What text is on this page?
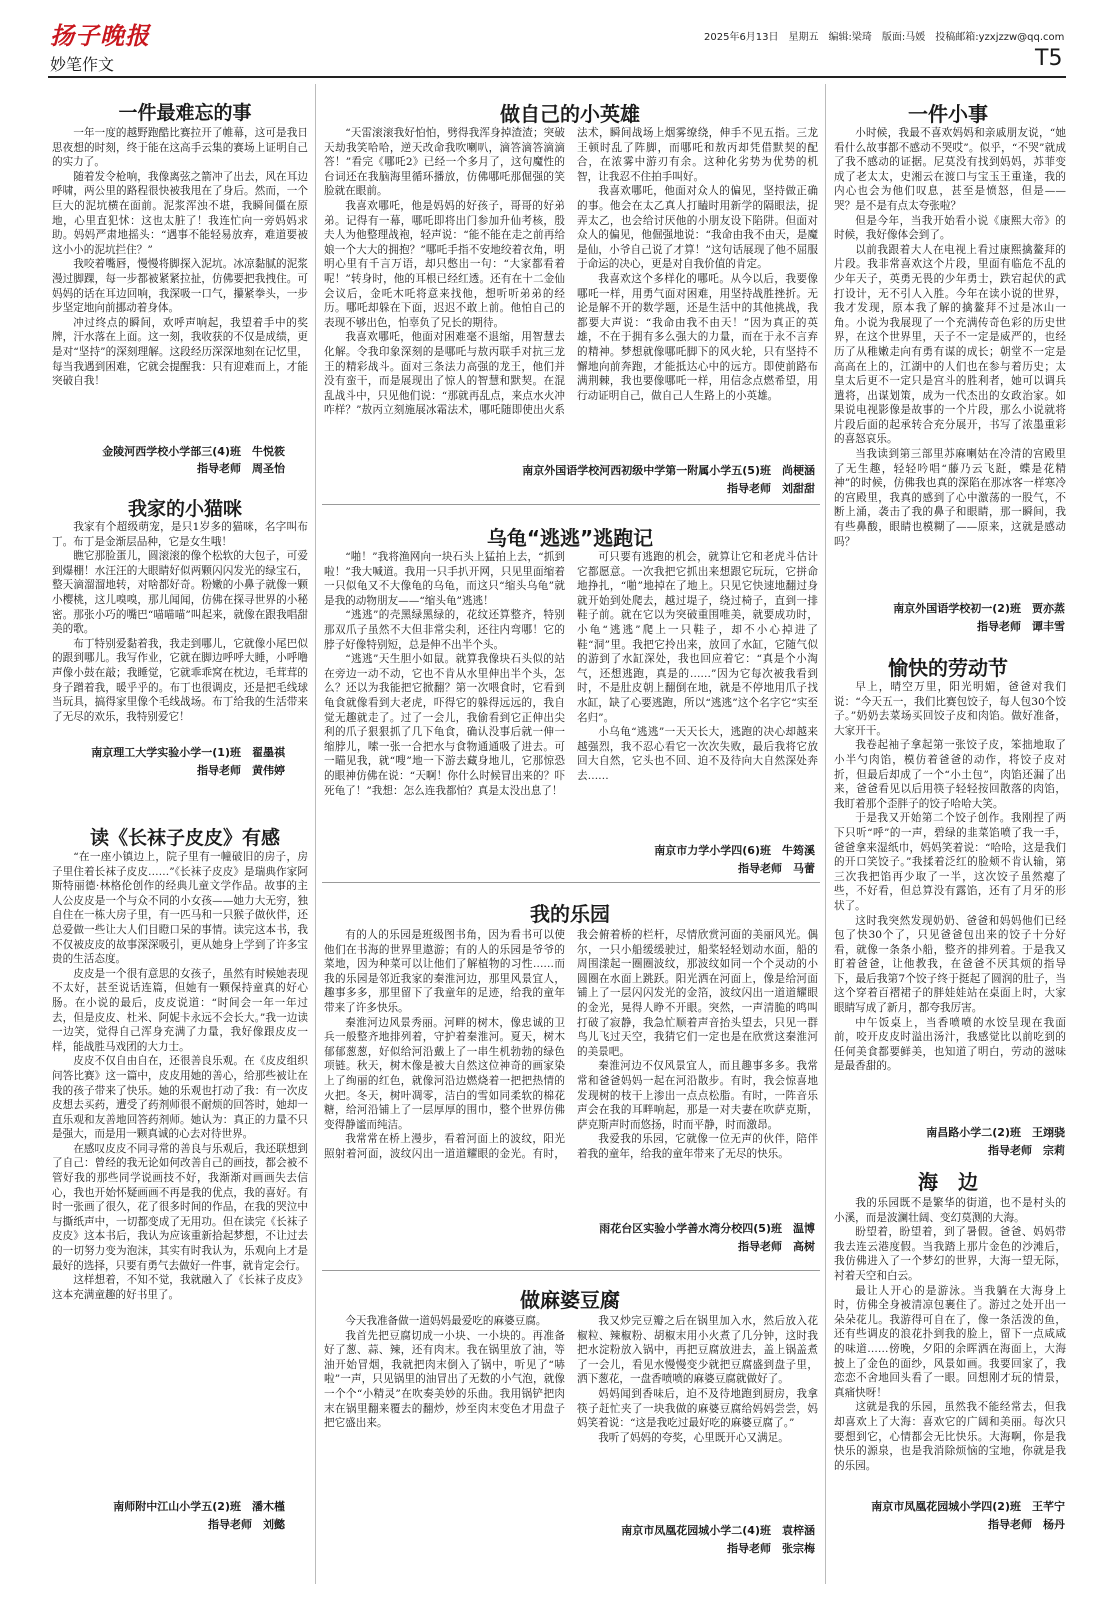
扬子晚报	2025年6月13日　星期五　编辑:梁琦　版面:马媛　投稿邮箱:yzxjzzw@qq.com
妙笔作文	T5
一件最难忘的事

一年一度的越野跑酷比赛拉开了帷幕，这可是我日思夜想的时刻，终于能在这高手云集的赛场上证明自己的实力了。

随着发令枪响，我像离弦之箭冲了出去，风在耳边呼啸，两公里的路程很快被我甩在了身后。然而，一个巨大的泥坑横在面前。泥浆浑浊不堪，我瞬间僵在原地，心里直犯怵：这也太脏了！我连忙向一旁妈妈求助。妈妈严肃地摇头：“遇事不能轻易放弃，难道要被这小小的泥坑拦住？”

我咬着嘴唇，慢慢将脚探入泥坑。冰凉黏腻的泥浆漫过脚踝，每一步都被紧紧拉扯，仿佛要把我拽住。可妈妈的话在耳边回响，我深吸一口气，攥紧拳头，一步步坚定地向前挪动着身体。

冲过终点的瞬间，欢呼声响起，我望着手中的奖牌，汗水落在上面。这一刻，我收获的不仅是成绩，更是对“坚持”的深刻理解。这段经历深深地刻在记忆里，每当我遇到困难，它就会提醒我：只有迎难而上，才能突破自我！

金陵河西学校小学部三(4)班　牛悦筱
指导老师　周圣怡
我家的小猫咪

我家有个超级萌宠，是只1岁多的猫咪，名字叫布丁。布丁是金渐层品种，它是女生哦！

瞧它那脸蛋儿，圆滚滚的像个松软的大包子，可爱到爆棚！水汪汪的大眼睛好似两颗闪闪发光的绿宝石，整天滴溜溜地转，对啥都好奇。粉嫩的小鼻子就像一颗小樱桃，这儿嗅嗅，那儿闻闻，仿佛在探寻世界的小秘密。那张小巧的嘴巴“喵喵喵”叫起来，就像在跟我唱甜美的歌。

布丁特别爱黏着我，我走到哪儿，它就像小尾巴似的跟到哪儿。我写作业，它就在脚边呼呼大睡，小呼噜声像小鼓在敲；我睡觉，它就乖乖窝在枕边，毛茸茸的身子蹭着我，暖乎乎的。布丁也很调皮，还是把毛线球当玩具，搞得家里像个毛线战场。布丁给我的生活带来了无尽的欢乐，我特别爱它！

南京理工大学实验小学一(1)班　翟墨祺
指导老师　黄伟婷
读《长袜子皮皮》有感

“在一座小镇边上，院子里有一幢破旧的房子，房子里住着长袜子皮皮……”《长袜子皮皮》是瑞典作家阿斯特丽德·林格伦创作的经典儿童文学作品。故事的主人公皮皮是一个与众不同的小女孩——她力大无穷，独自住在一栋大房子里，有一匹马和一只猴子做伙伴，还总爱做一些让大人们目瞪口呆的事情。读完这本书，我不仅被皮皮的故事深深吸引，更从她身上学到了许多宝贵的生活态度。

皮皮是一个很有意思的女孩子，虽然有时候她表现不太好，甚至说话连篇，但她有一颗保持童真的好心肠。在小说的最后，皮皮说道：“时间会一年一年过去，但是皮皮、杜米、阿妮卡永远不会长大。”我一边读一边笑，觉得自己浑身充满了力量，我好像跟皮皮一样，能战胜马戏团的大力士。

皮皮不仅自由自在，还很善良乐观。在《皮皮组织问答比赛》这一篇中，皮皮用她的善心，给那些被让在我的孩子带来了快乐。她的乐观也打动了我：有一次皮皮想去买药，遭受了药剂师很不耐烦的回答时，她却一直乐观和友善地回答药剂师。她认为：真正的力量不只是强大，而是用一颗真诚的心去对待世界。

在感叹皮皮不同寻常的善良与乐观后，我还联想到了自己：曾经的我无论如何改善自己的画技，都会被不管好我的那些同学说画技不好，我渐渐对画画失去信心，我也开始怀疑画画不再是我的优点，我的喜好。有时一张画了很久，花了很多时间的作品，在我的哭泣中与撕纸声中，一切都变成了无用功。但在读完《长袜子皮皮》这本书后，我认为应该重新拾起梦想，不让过去的一切努力变为泡沫，其实有时我认为，乐观向上才是最好的选择，只要有勇气去做好一件事，就肯定会行。

这样想着，不知不觉，我就融入了《长袜子皮皮》这本充满童趣的好书里了。

南师附中江山小学五(2)班　潘木槿
指导老师　刘懿
做自己的小英雄

“天雷滚滚我好怕怕，劈得我浑身掉渣渣；突破天劫我笑哈哈，逆天改命我吹喇叭，滴答滴答滴滴答！”看完《哪吒2》已经一个多月了，这句魔性的台词还在我脑海里循环播放，仿佛哪吒那倔强的笑脸就在眼前。

我喜欢哪吒，他是妈妈的好孩子，哥哥的好弟弟。记得有一幕，哪吒即将出门参加升仙考核，殷夫人为他整理战袍，轻声说：“能不能在走之前再给娘一个大大的拥抱？”哪吒手指不安地绞着衣角，明明心里有千言万语，却只憋出一句：“大家都看着呢！”转身时，他的耳根已经红透。还有在十二金仙会议后，金吒木吒将意来找他，想听听弟弟的经历。哪吒却躲在下面，迟迟不敢上前。他怕自己的表现不够出色，怕辜负了兄长的期待。

我喜欢哪吒，他面对困难毫不退缩，用智慧去化解。令我印象深刻的是哪吒与敖丙联手对抗三龙王的精彩战斗。面对三条法力高强的龙王，他们并没有蛮干，而是展现出了惊人的智慧和默契。在混乱战斗中，只见他们说：“那就再乱点，来点水火冲咋样？”敖丙立刻施展冰霜法术，哪吒随即使出火系法术，瞬间战场上烟雾缭绕，伸手不见五指。三龙王顿时乱了阵脚，而哪吒和敖丙却凭借默契的配合，在浓雾中游刃有余。这种化劣势为优势的机智，让我忍不住拍手叫好。

我喜欢哪吒，他面对众人的偏见，坚持做正确的事。他会在太乙真人打瞌时用新学的隔眼法，捉弄太乙，也会给讨厌他的小朋友设下陷阱。但面对众人的偏见，他倔强地说：“我命由我不由天，是魔是仙，小爷自己说了才算！”这句话展现了他不屈服于命运的决心，更是对自我价值的肯定。

我喜欢这个多样化的哪吒。从今以后，我要像哪吒一样，用勇气面对困难，用坚持战胜挫折。无论是解不开的数学题，还是生活中的其他挑战，我都要大声说：“我命由我不由天！”因为真正的英雄，不在于拥有多么强大的力量，而在于永不言弃的精神。梦想就像哪吒脚下的风火轮，只有坚持不懈地向前奔跑，才能抵达心中的远方。即使前路布满荆棘，我也要像哪吒一样，用信念点燃希望，用行动证明自己，做自己人生路上的小英雄。

南京外国语学校河西初级中学第一附属小学五(5)班　尚梗涵
指导老师　刘甜甜
乌龟“逃逃”逃跑记

“啪！”我将渔网向一块石头上猛拍上去，“抓到啦！”我大喊道。我用一只手扒开网，只见里面缩着一只似龟又不大像龟的乌龟，而这只“缩头乌龟”就是我的动物朋友——“缩头龟”逃逃！

“逃逃”的壳黑绿黑绿的，花纹还算整齐，特别那双爪子虽然不大但非常尖利，还往内弯哪！它的脖子好像特别短，总是伸不出半个头。

“逃逃”天生胆小如鼠。就算我像块石头似的站在旁边一动不动，它也不肯从水里伸出半个头，怎么？还以为我能把它掀翻？第一次喂食时，它看到龟食就像看到大老虎，吓得它的躲得远远的，我自觉无趣就走了。过了一会儿，我偷看到它正伸出尖利的爪子狠狠抓了几下龟食，确认没事后就一伸一缩脖儿，嗦一张一合把水与食物通通吸了进去。可一瞄见我，就“嗖”地一下游去藏身地儿，它那惊恐的眼神仿佛在说：“天啊！你什么时候冒出来的？吓死龟了！”我想：怎么连我都怕？真是太没出息了！

可只要有逃跑的机会，就算让它和老虎斗估计它都愿意。一次我把它抓出来想跟它玩玩，它拼命地挣扎，“啪”地掉在了地上。只见它快速地翻过身就开始到处爬去，越过堤子，绕过椅子，直到一排鞋子前。就在它以为突破重围唯美，就要成功时，小龟“逃逃”爬上一只鞋子，却不小心掉进了鞋“洞”里。我把它拎出来，放回了水缸，它随气似的游到了水缸深处，我也回应着它：“真是个小淘气，还想逃跑，真是的……”因为它每次被我看到时，不是肚皮朝上翻倒在地，就是不停地用爪子找水缸，缺了心要逃跑，所以“逃逃”这个名字它“实至名归”。

小乌龟“逃逃”一天天长大，逃跑的决心却越来越强烈，我不忍心看它一次次失败，最后我将它放回大自然，它头也不回、迫不及待向大自然深处奔去……

南京市力学小学四(6)班　牛筠溪
指导老师　马蕾
我的乐园

有的人的乐园是班级图书角，因为看书可以使他们在书海的世界里遨游；有的人的乐园是爷爷的菜地，因为种菜可以让他们了解植物的习性……而我的乐园是邻近我家的秦淮河边，那里风景宜人，趣事多多，那里留下了我童年的足迹，给我的童年带来了许多快乐。

秦淮河边风景秀丽。河畔的树木，像忠诚的卫兵一般整齐地排列着，守护着秦淮河。夏天，树木郁郁葱葱，好似给河沿戴上了一串生机勃勃的绿色项链。秋天，树木像是被大自然这位神奇的画家染上了绚丽的红色，就像河沿边燃烧着一把把热情的火把。冬天，树叶凋零，洁白的雪如同柔软的棉花糖，给河沿铺上了一层厚厚的围巾，整个世界仿佛变得静谧而纯洁。

我常常在桥上漫步，看着河面上的波纹，阳光照射着河面，波纹闪出一道道耀眼的金光。有时，我会俯着桥的栏杆，尽情欣赏河面的美丽风光。偶尔，一只小船缓缓驶过，船桨轻轻划动水面，船的周围漾起一圈圈波纹，那波纹如同一个个灵动的小圆圈在水面上跳跃。阳光洒在河面上，像是给河面铺上了一层闪闪发光的金箔，波纹闪出一道道耀眼的金光，晃得人睁不开眼。突然，一声清脆的鸣叫打破了寂静，我急忙顺着声音抬头望去，只见一群鸟儿飞过天空，我猜它们一定也是在欣赏这秦淮河的美景吧。

秦淮河边不仅风景宜人，而且趣事多多。我常常和爸爸妈妈一起在河沿散步。有时，我会惊喜地发现树的枝干上渗出一点点松脂。有时，一阵音乐声会在我的耳畔响起，那是一对夫妻在吹萨克斯，萨克斯声时而悠扬，时而平静，时而激昂。

我爱我的乐园，它就像一位无声的伙伴，陪伴着我的童年，给我的童年带来了无尽的快乐。

雨花台区实验小学善水湾分校四(5)班　温博
指导老师　高树
做麻婆豆腐

今天我准备做一道妈妈最爱吃的麻婆豆腐。

我首先把豆腐切成一小块、一小块的。再准备好了葱、蒜、辣，还有肉末。我在锅里放了油，等油开始冒烟，我就把肉末倒入了锅中，听见了“哧啦”一声，只见锅里的油冒出了无数的小气泡，就像一个个“小精灵”在吹奏美妙的乐曲。我用锅铲把肉末在锅里翻来覆去的翻炒，炒至肉末变色才用盘子把它盛出来。

我又炒完豆瓣之后在锅里加入水，然后放入花椒粒、辣椒粉、胡椒末用小火煮了几分钟，这时我把水淀粉放入锅中，再把豆腐放进去，盖上锅盖煮了一会儿，看见水慢慢变少就把豆腐盛到盘子里，洒下葱花，一盘香喷喷的麻婆豆腐就做好了。

妈妈闻到香味后，迫不及待地跑到厨房，我拿筷子赶忙夹了一块我做的麻婆豆腐给妈妈尝尝，妈妈笑着说：“这是我吃过最好吃的麻婆豆腐了。”

我听了妈妈的夸奖，心里既开心又满足。

南京市凤凰花园城小学二(4)班　袁梓涵
指导老师　张宗梅
一件小事

小时候，我最不喜欢妈妈和亲戚朋友说，“她看什么故事都不感动不哭哎”。似乎，“不哭”就成了我不感动的证据。尼莫没有找到妈妈，苏菲变成了老太太，史湘云在渡口与宝玉王重逢，我的内心也会为他们叹息，甚至是愤怒，但是——哭？是不是有点太夸张啦？

但是今年，当我开始看小说《康熙大帝》的时候，我好像体会到了。

以前我跟着大人在电视上看过康熙擒鳌拜的片段。我非常喜欢这个片段，里面有临危不乱的少年天子，英勇无畏的少年勇士，跌宕起伏的武打设计，无不引人入胜。今年在读小说的世界，我才发现，原本我了解的擒鳌拜不过是冰山一角。小说为我展现了一个充满传奇色彩的历史世界，在这个世界里，天子不一定是威严的，也经历了从稚嫩走向有勇有谋的成长；朝堂不一定是高高在上的，江湖中的人们也在参与着历史；太皇太后更不一定只是宫斗的胜利者，她可以调兵遣将，出谋划策，成为一代杰出的女政治家。如果说电视影像是故事的一个片段，那么小说就将片段后面的起承转合充分展开，书写了浓墨重彩的喜怒哀乐。

当我读到第三部里苏麻喇姑在冷清的宫殿里了无生趣，轻轻吟唱“藤乃云飞跹，蝶是花精神”的时候，仿佛我也真的深陷在那冰客一样寒冷的宫殿里，我真的感到了心中激荡的一股气，不断上涌，袭击了我的鼻子和眼睛，那一瞬间，我有些鼻酸，眼睛也模糊了——原来，这就是感动吗？

南京外国语学校初一(2)班　贾亦蒸
指导老师　谭丰雪
愉快的劳动节

早上，晴空万里，阳光明媚，爸爸对我们说：“今天五一，我们比赛包饺子，每人包30个饺子。”奶奶去菜场买回饺子皮和肉馅。做好准备，大家开干。

我卷起袖子拿起第一张饺子皮，笨拙地取了小半勺肉馅，模仿着爸爸的动作，将饺子皮对折，但最后却成了一个“小土包”，肉馅还漏了出来，爸爸看见以后用筷子轻轻按回散落的肉馅，我盯着那个歪胖子的饺子哈哈大笑。

于是我又开始第二个饺子创作。我刚捏了两下只听“呼”的一声，碧绿的韭菜馅喷了我一手，爸爸拿来湿纸巾，妈妈笑着说：“哈哈，这是我们的开口笑饺子。”我揉着泛红的脸颊不肯认输，第三次我把馅再少取了一半，这次饺子虽然瘪了些，不好看，但总算没有露馅，还有了月牙的形状了。

这时我突然发现奶奶、爸爸和妈妈他们已经包了快30个了，只见爸爸包出来的饺子十分好看，就像一条条小船，整齐的排列着。于是我又盯着爸爸，让他教我，在爸爸不厌其烦的指导下，最后我第7个饺子终于挺起了圆润的肚子，当这个穿着百褶裙子的胖娃娃站在桌面上时，大家眼睛写成了新月，都夸我厉害。

中午饭桌上，当香喷喷的水饺呈现在我面前，咬开皮皮时溢出汤汁，我感觉比以前吃到的任何美食都要鲜美，也知道了明白，劳动的滋味是最香甜的。

南昌路小学二(2)班　王翊骁
指导老师　宗莉
海　边

我的乐园既不是繁华的街道，也不是村头的小溪，而是波澜壮阔、变幻莫测的大海。

盼望着，盼望着，到了暑假。爸爸、妈妈带我去连云港度假。当我踏上那片金色的沙滩后，我仿佛进入了一个梦幻的世界，大海一望无际，衬着天空和白云。

最让人开心的是游泳。当我躺在大海身上时，仿佛全身被清凉包裹住了。游过之处开出一朵朵花儿。我游得可自在了，像一条活泼的鱼，还有些调皮的浪花扑到我的脸上，留下一点咸咸的味道……傍晚，夕阳的余晖洒在海面上，大海披上了金色的面纱，风景如画。我要回家了，我恋恋不舍地回头看了一眼。回想刚才玩的情景，真痛快呀！

这就是我的乐园，虽然我不能经常去，但我却喜欢上了大海：喜欢它的广阔和美丽。每次只要想到它，心情都会无比快乐。大海啊，你是我快乐的源泉，也是我消除烦恼的宝地，你就是我的乐园。

南京市凤凰花园城小学四(2)班　王芊宁
指导老师　杨丹
